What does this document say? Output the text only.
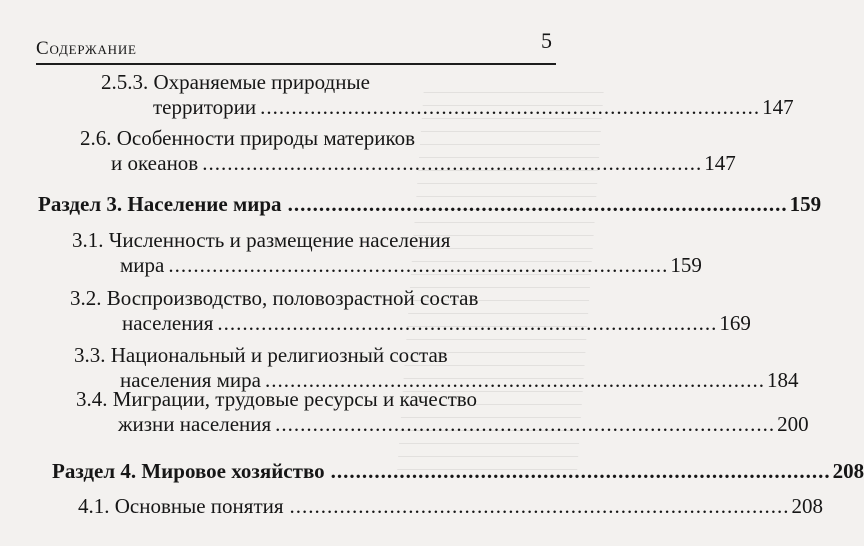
Содержание	5
2.5.3. Охраняемые природные
территории ................................................................................ 147
2.6. Особенности природы материков
и океанов ................................................................................ 147
Раздел 3. Население мира ................................................................................ 159
3.1. Численность и размещение населения
мира ................................................................................ 159
3.2. Воспроизводство, половозрастной состав
населения ................................................................................ 169
3.3. Национальный и религиозный состав
населения мира ................................................................................ 184
3.4. Миграции, трудовые ресурсы и качество
жизни населения ................................................................................ 200
Раздел 4. Мировое хозяйство ................................................................................ 208
4.1. Основные понятия ................................................................................ 208
